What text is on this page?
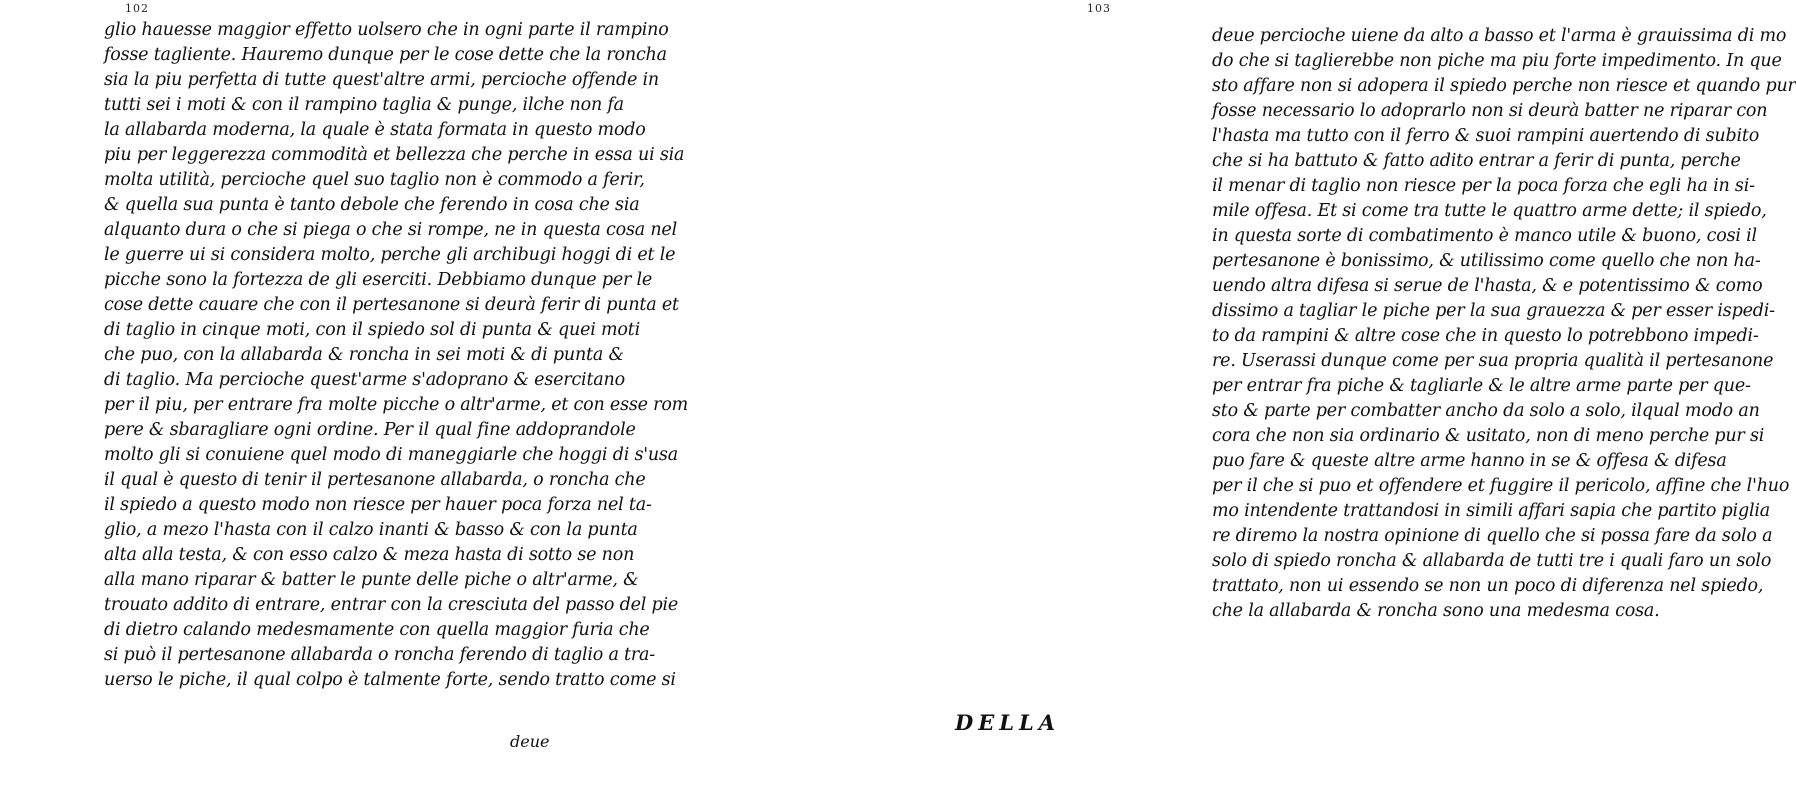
102
glio hauesse maggior effetto uolsero che in ogni parte il rampino
fosse tagliente. Hauremo dunque per le cose dette che la roncha
sia la piu perfetta di tutte quest'altre armi, percioche offende in
tutti sei i moti & con il rampino taglia & punge, ilche non fa
la allabarda moderna, la quale è stata formata in questo modo
piu per leggerezza commodità et bellezza che perche in essa ui sia
molta utilità, percioche quel suo taglio non è commodo a ferir,
& quella sua punta è tanto debole che ferendo in cosa che sia
alquanto dura o che si piega o che si rompe, ne in questa cosa nel
le guerre ui si considera molto, perche gli archibugi hoggi di et le
picche sono la fortezza de gli eserciti. Debbiamo dunque per le
cose dette cauare che con il pertesanone si deurà ferir di punta et
di taglio in cinque moti, con il spiedo sol di punta & quei moti
che puo, con la allabarda & roncha in sei moti & di punta &
di taglio. Ma percioche quest'arme s'adoprano & esercitano
per il piu, per entrare fra molte picche o altr'arme, et con esse rom
pere & sbaragliare ogni ordine. Per il qual fine addoprandole
molto gli si conuiene quel modo di maneggiarle che hoggi di s'usa
il qual è questo di tenir il pertesanone allabarda, o roncha che
il spiedo a questo modo non riesce per hauer poca forza nel ta-
glio, a mezo l'hasta con il calzo inanti & basso & con la punta
alta alla testa, & con esso calzo & meza hasta di sotto se non
alla mano riparar & batter le punte delle piche o altr'arme, &
trouato addito di entrare, entrar con la cresciuta del passo del pie
di dietro calando medesmamente con quella maggior furia che
si può il pertesanone allabarda o roncha ferendo di taglio a tra-
uerso le piche, il qual colpo è talmente forte, sendo tratto come si
deue
deue percioche uiene da alto a basso et l'arma è grauissima di mo
do che si taglierebbe non piche ma piu forte impedimento. In que
sto affare non si adopera il spiedo perche non riesce et quando pur
fosse necessario lo adoprarlo non si deurà batter ne riparar con
l'hasta ma tutto con il ferro & suoi rampini auertendo di subito
che si ha battuto & fatto adito entrar a ferir di punta, perche
il menar di taglio non riesce per la poca forza che egli ha in si-
mile offesa. Et si come tra tutte le quattro arme dette; il spiedo,
in questa sorte di combatimento è manco utile & buono, cosi il
pertesanone è bonissimo, & utilissimo come quello che non ha-
uendo altra difesa si serue de l'hasta, & e potentissimo & como
dissimo a tagliar le piche per la sua grauezza & per esser ispedi-
to da rampini & altre cose che in questo lo potrebbono impedi-
re. Userassi dunque come per sua propria qualità il pertesanone
per entrar fra piche & tagliarle & le altre arme parte per que-
sto & parte per combatter ancho da solo a solo, ilqual modo an
cora che non sia ordinario & usitato, non di meno perche pur si
puo fare & queste altre arme hanno in se & offesa & difesa
per il che si puo et offendere et fuggire il pericolo, affine che l'huo
mo intendente trattandosi in simili affari sapia che partito piglia
re diremo la nostra opinione di quello che si possa fare da solo a
solo di spiedo roncha & allabarda de tutti tre i quali faro un solo
trattato, non ui essendo se non un poco di diferenza nel spiedo,
che la allabarda & roncha sono una medesma cosa.
103
DELLA
